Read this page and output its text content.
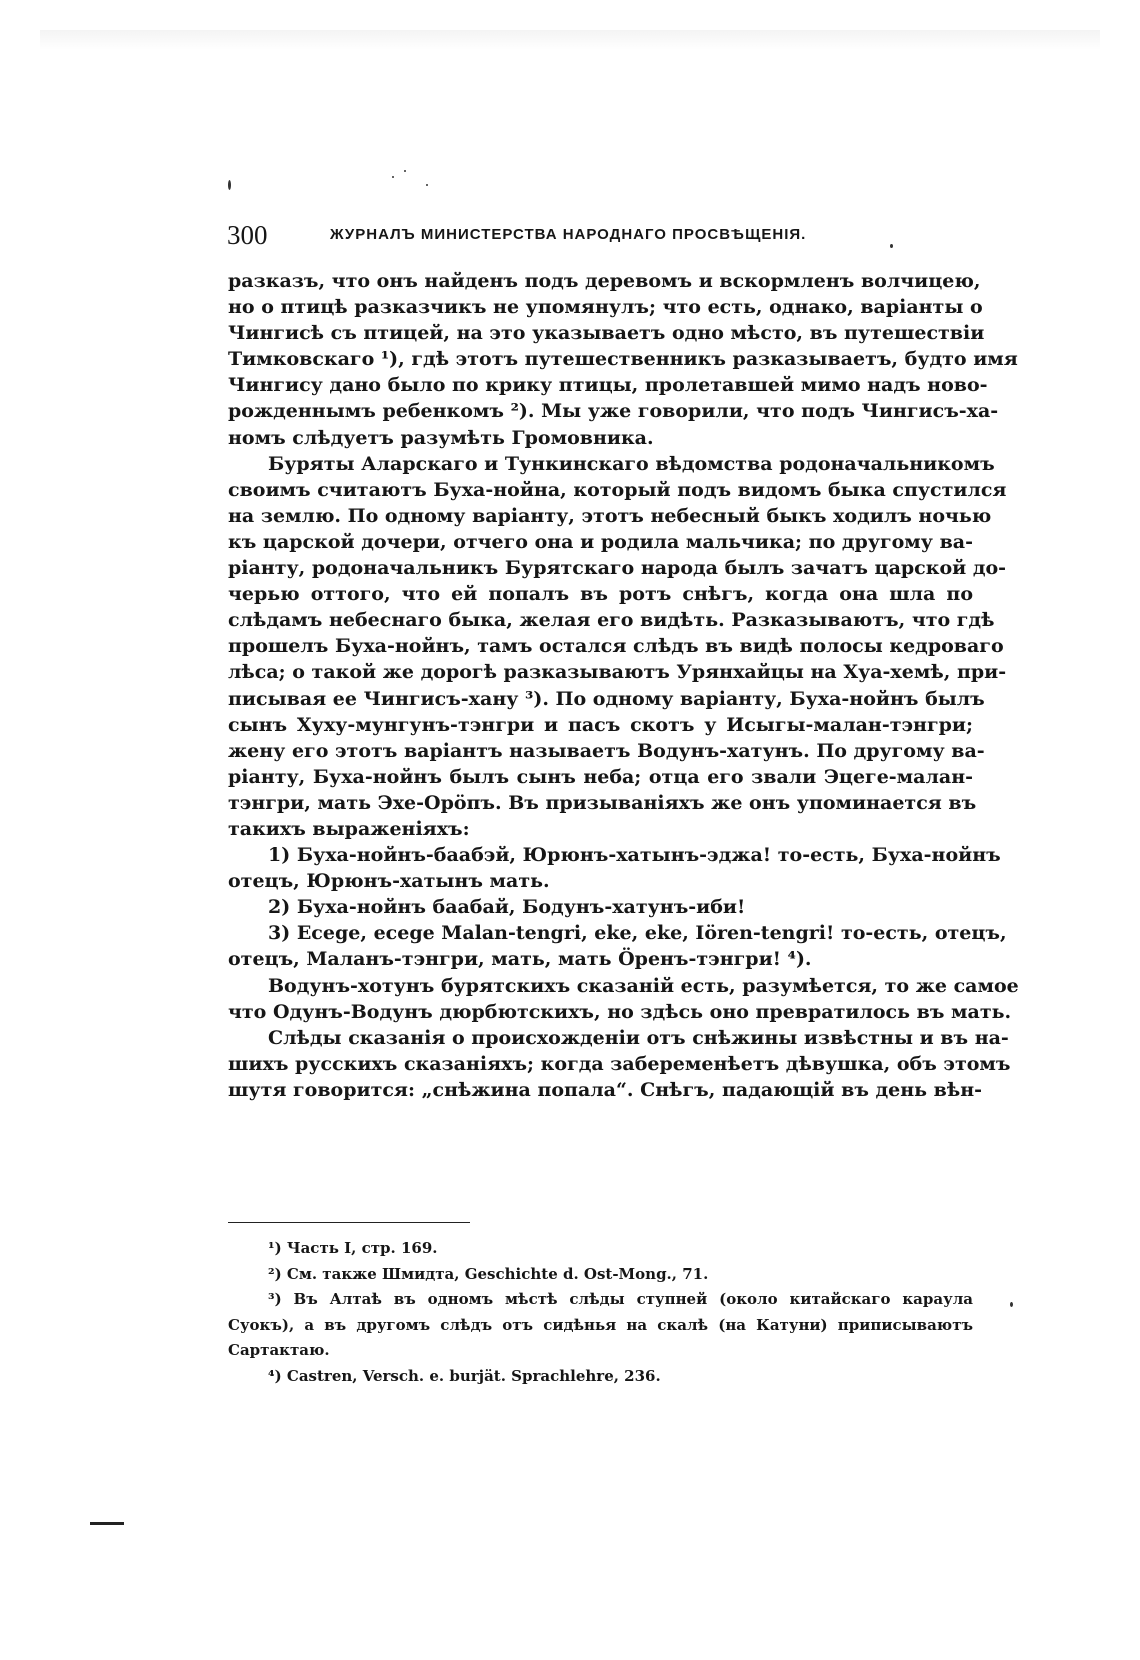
300	ЖУРНАЛЪ МИНИСТЕРСТВА НАРОДНАГО ПРОСВѢЩЕНІЯ.
разказъ, что онъ найденъ подъ деревомъ и вскормленъ волчицею,
но о птицѣ разказчикъ не упомянулъ; что есть, однако, варіанты о
Чингисѣ съ птицей, на это указываетъ одно мѣсто, въ путешествіи
Тимковскаго ¹), гдѣ этотъ путешественникъ разказываетъ, будто имя
Чингису дано было по крику птицы, пролетавшей мимо надъ ново-
рожденнымъ ребенкомъ ²). Мы уже говорили, что подъ Чингисъ-ха-
номъ слѣдуетъ разумѣть Громовника.
Буряты Аларскаго и Тункинскаго вѣдомства родоначальникомъ
своимъ считаютъ Буха-нойна, который подъ видомъ быка спустился
на землю. По одному варіанту, этотъ небесный быкъ ходилъ ночью
къ царской дочери, отчего она и родила мальчика; по другому ва-
ріанту, родоначальникъ Бурятскаго народа былъ зачатъ царской до-
черью оттого, что ей попалъ въ ротъ снѣгъ, когда она шла по
слѣдамъ небеснаго быка, желая его видѣть. Разказываютъ, что гдѣ
прошелъ Буха-нойнъ, тамъ остался слѣдъ въ видѣ полосы кедроваго
лѣса; о такой же дорогѣ разказываютъ Урянхайцы на Хуа-хемѣ, при-
писывая ее Чингисъ-хану ³). По одному варіанту, Буха-нойнъ былъ
сынъ Хуху-мунгунъ-тэнгри и пасъ скотъ у Исыгы-малан-тэнгри;
жену его этотъ варіантъ называетъ Водунъ-хатунъ. По другому ва-
ріанту, Буха-нойнъ былъ сынъ неба; отца его звали Эцеге-малан-
тэнгри, мать Эхе-Орöпъ. Въ призываніяхъ же онъ упоминается въ
такихъ выраженіяхъ:
1) Буха-нойнъ-баабэй, Юрюнъ-хатынъ-эджа! то-есть, Буха-нойнъ
отецъ, Юрюнъ-хатынъ мать.
2) Буха-нойнъ баабай, Бодунъ-хатунъ-иби!
3) Ecege, ecege Malan-tengri, eke, eke, Iören-tengri! то-есть, отецъ,
отецъ, Маланъ-тэнгри, мать, мать Öренъ-тэнгри! ⁴).
Водунъ-хотунъ бурятскихъ сказаній есть, разумѣется, то же самое
что Одунъ-Водунъ дюрбютскихъ, но здѣсь оно превратилось въ мать.
Слѣды сказанія о происхожденіи отъ снѣжины извѣстны и въ на-
шихъ русскихъ сказаніяхъ; когда забеременѣетъ дѣвушка, объ этомъ
шутя говорится: „снѣжина попала“. Снѣгъ, падающій въ день вѣн-
¹) Часть I, стр. 169.
²) См. также Шмидта, Geschichte d. Ost-Mong., 71.
³) Въ Алтаѣ въ одномъ мѣстѣ слѣды ступней (около китайскаго караула
Суокъ), а въ другомъ слѣдъ отъ сидѣнья на скалѣ (на Катуни) приписываютъ
Сартактаю.
⁴) Castren, Versch. e. burjät. Sprachlehre, 236.
